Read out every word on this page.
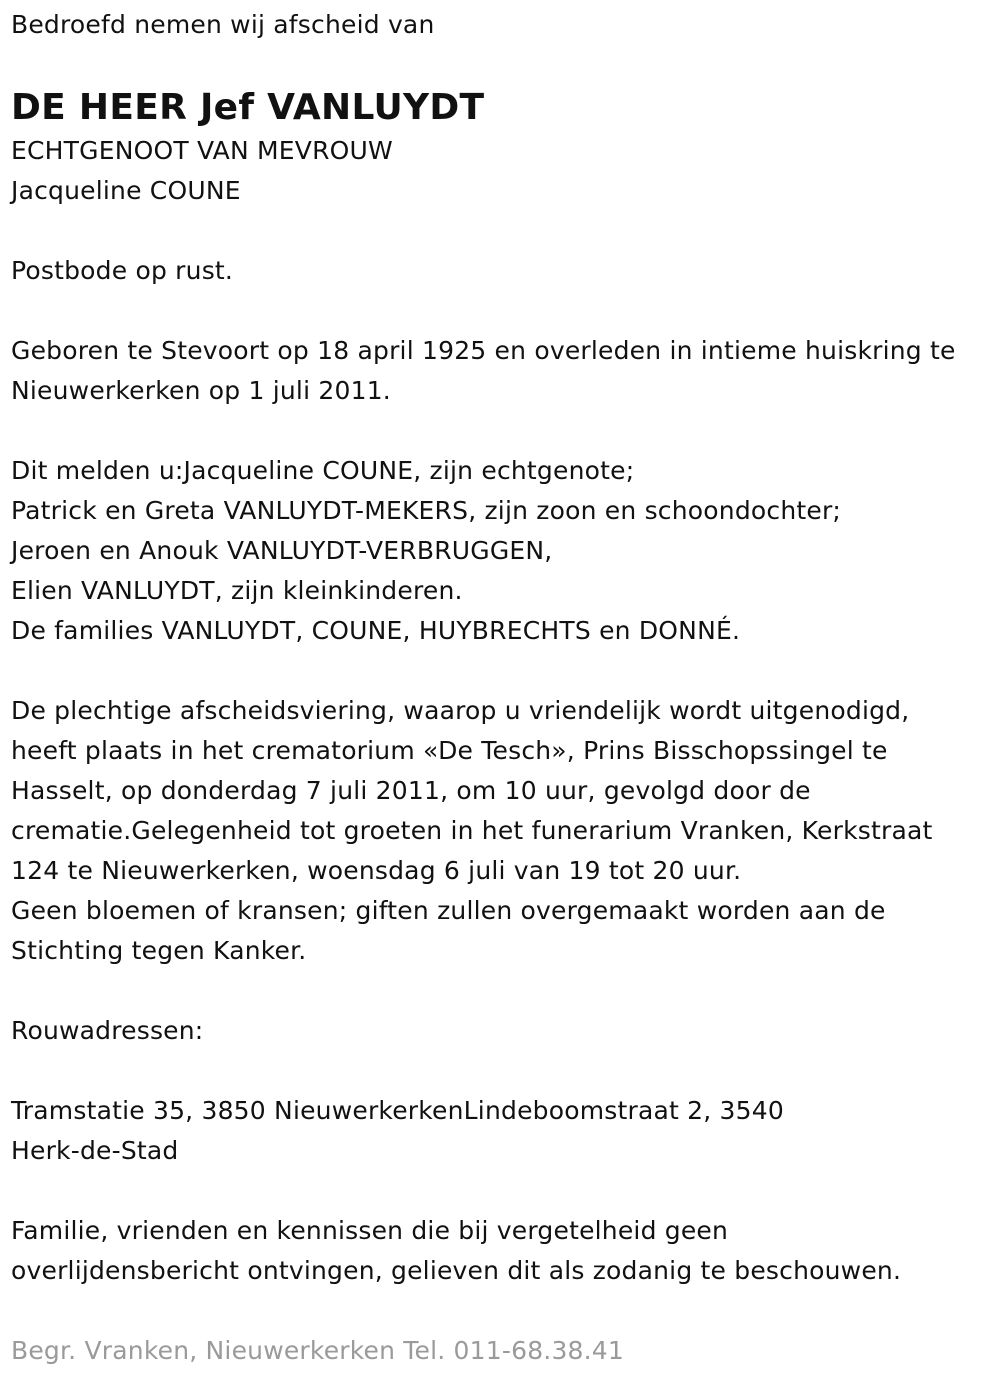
Bedroefd nemen wij afscheid van
DE HEER Jef VANLUYDT
ECHTGENOOT VAN MEVROUW
Jacqueline COUNE
Postbode op rust.
Geboren te Stevoort op 18 april 1925 en overleden in intieme huiskring te
Nieuwerkerken op 1 juli 2011.
Dit melden u:Jacqueline COUNE, zijn echtgenote;
Patrick en Greta VANLUYDT-MEKERS, zijn zoon en schoondochter;
Jeroen en Anouk VANLUYDT-VERBRUGGEN,
Elien VANLUYDT, zijn kleinkinderen.
De families VANLUYDT, COUNE, HUYBRECHTS en DONNÉ.
De plechtige afscheidsviering, waarop u vriendelijk wordt uitgenodigd,
heeft plaats in het crematorium «De Tesch», Prins Bisschopssingel te
Hasselt, op donderdag 7 juli 2011, om 10 uur, gevolgd door de
crematie.Gelegenheid tot groeten in het funerarium Vranken, Kerkstraat
124 te Nieuwerkerken, woensdag 6 juli van 19 tot 20 uur.
Geen bloemen of kransen; giften zullen overgemaakt worden aan de
Stichting tegen Kanker.
Rouwadressen:
Tramstatie 35, 3850 NieuwerkerkenLindeboomstraat 2, 3540
Herk-de-Stad
Familie, vrienden en kennissen die bij vergetelheid geen
overlijdensbericht ontvingen, gelieven dit als zodanig te beschouwen.
Begr. Vranken, Nieuwerkerken Tel. 011-68.38.41
